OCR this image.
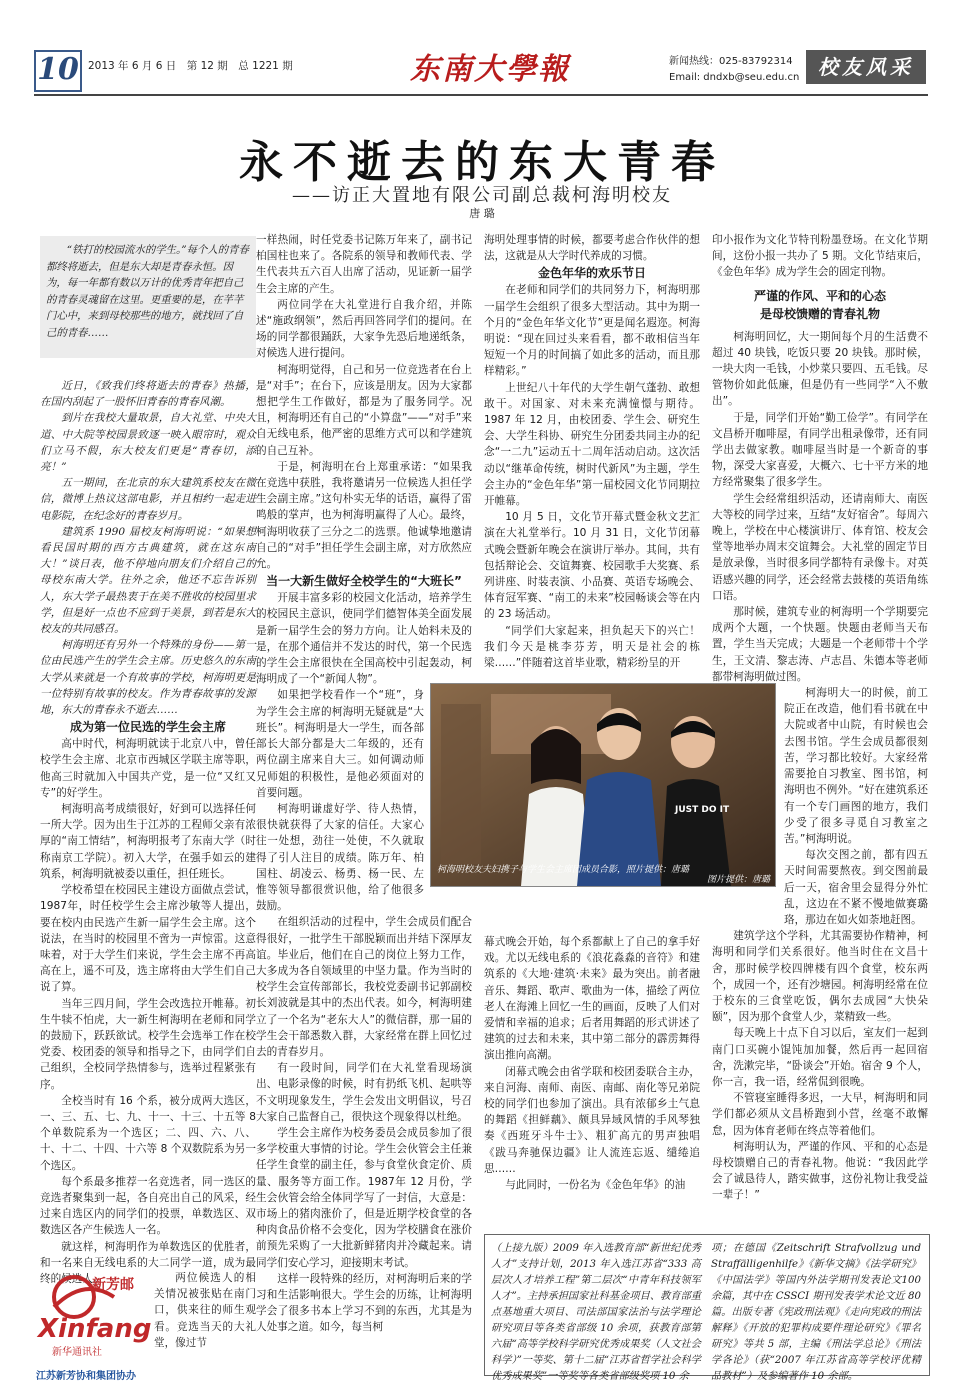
10 2013 年 6 月 6 日　第 12 期　总 1221 期	东南大學報	新闻热线：025-83792314
Email: dndxb@seu.edu.cn 校友风采
永不逝去的东大青春
——访正大置地有限公司副总裁柯海明校友
唐 璐
“铁打的校园流水的学生。”每个人的青春都终将逝去，但是东大却是青春永恒。因为，每一年都有数以万计的优秀青年把自己的青春灵魂留在这里。更重要的是，在芊芊门心中，来到母校那些的地方，就找回了自己的青春……

近日，《致我们终将逝去的青春》热播，在国内刮起了一股怀旧青春的青春风潮。

到片在我校大量取景，自大礼堂、中央大道、中大院等校园景致逐一映入眼帘时，观众们立马不假，东大校友们更是“青春切，添亮！”

五一期间，在北京的东大建筑系校友在微信，微博上热议这部电影，并且相约一起走进电影院，在纪念好的青春岁月。

建筑系 1990 届校友柯海明说：“如果想看民国时期的西方古典建筑，就在这东南大！”谈日表，他不停地向朋友们介绍自己的母校东南大学。往外之余，他还不忘告诉别人，东大学子最热衷于在美不胜收的校园里求学，但是好一点也不应到于美景，到若是东大校友的共同感召。

柯海明还有另外一个特殊的身份——第一位由民选产生的学生会主席。历史悠久的东南大学从来就是一个有故事的学校，柯海明更是一位特别有故事的校友。作为青春故事的发源地，东大的青春永不逝去……

成为第一位民选的学生会主席

高中时代，柯海明就读于北京八中，曾任校学生会主席、北京市西城区学联主席等职，他高三时就加入中国共产党，是一位“又红又专”的好学生。

柯海明高考成绩很好，好到可以选择任何一所大学。因为出生于江苏的工程师父亲有浓厚的“南工情结”，柯海明报考了东南大学（时称南京工学院）。初入大学，在强手如云的建筑系，柯海明就被委以重任，担任班长。

学校希望在校园民主建设方面做点尝试，1987年，时任校学生会主席沙敏等人提出，要在校内由民选产生新一届学生会主席。这个说法，在当时的校园里不啻为一声惊雷。这意味着，对于大学生们来说，学生会主席不再高高在上，遥不可及，选主席将由大学生们自己说了算。

当年三四月间，学生会改选拉开帷幕。初生牛犊不怕虎，大一新生柯海明在老师和同学的鼓励下，跃跃欲试。校学生会选举工作在校党委、校团委的领导和指导之下，由同学们自己组织，全校同学热情参与，选举过程紧张有序。

全校当时有 16 个系，被分成两大选区，一、三、五、七、九、十一、十三、十五等 8 个单数院系为一个选区；二、四、六、八、十、十二、十四、十六等 8 个双数院系为另一个选区。

每个系最多推荐一名竞选者，同一选区的竞选者聚集到一起，各自亮出自己的风采，经过来自选区内的同学们的投票，单数选区、双数选区各产生候选人一名。

就这样，柯海明作为单数选区的优胜者，和一名来自无线电系的大二同学一道，成为最终的候选人。	两位候选人的相关情况被张贴在南门口，供来往的师生观看。竞选当天的大礼堂，像过节

新芳邮
Xinfang
新华通讯社
江苏新芳协和集团协办

一样热闹，时任党委书记陈万年来了，副书记柏国柱也来了。各院系的领导和教师代表、学生代表共五六百人出席了活动，见证新一届学生会主席的产生。

两位同学在大礼堂进行自我介绍，并陈述“施政纲领”，然后再回答同学们的提问。在场的同学都很踊跃，大家争先恐后地递纸条，对候选人进行提问。

柯海明觉得，自己和另一位竞选者在台上是“对手”；在台下，应该是朋友。因为大家都想把学生工作做好，都是为了服务同学。况且，柯海明还有自己的“小算盘”——“对手”来自无线电系，他严密的思维方式可以和学建筑的自己互补。

于是，柯海明在台上郑重承诺：“如果我在竞选中获胜，我将邀请另一位候选人担任学生会副主席。”这句朴实无华的话语，赢得了雷鸣般的掌声，也为柯海明赢得了人心。最终，柯海明收获了三分之二的选票。他诚挚地邀请自己的“对手”担任学生会副主席，对方欣然应允。

当一大新生做好全校学生的“大班长”

开展丰富多彩的校园文化活动，培养学生的校园民主意识，使同学们德智体美全面发展是新一届学生会的努力方向。让人始料未及的是，在那个通信并不发达的时代，第一个民选的学生会主席很快在全国高校中引起轰动，柯海明成了一个“新闻人物”。

如果把学校看作一个“班”，身为学生会主席的柯海明无疑就是“大班长”。柯海明是大一学生，而各部部长大部分都是大二年级的，还有两位副主席来自大三。如何调动师兄师姐的积极性，是他必须面对的首要问题。

柯海明谦虚好学、待人热情，很快就获得了大家的信任。大家心往一处想，劲往一处使，不久就取得了引人注目的成绩。陈万年、柏国柱、胡凌云、杨勇、杨一民、左惟等领导都很赏识他，给了他很多鼓励。

在组织活动的过程中，学生会成员们配合得很好，一批学生干部脱颖而出并结下深厚友谊。毕业后，他们在自己的岗位上努力工作，大多成为各自领域里的中坚力量。作为当时的校学生会宣传部部长，我校党委副书记郭副校长刘波就是其中的杰出代表。如今，柯海明建立了一个名为“老东大人”的微信群，那一届的学生会干部悉数入群，大家经常在群上回忆过去的青春岁月。

有一段时间，同学们在大礼堂看现场演出、电影录像的时候，时有扔纸飞机、起哄等不文明现象发生，学生会发出文明倡议，号召大家自己监督自己，很快这个现象得以杜绝。

学生会主席作为校务委员会成员参加了很多学校重大事情的讨论。学生会伙管会主任兼任学生食堂的副主任，参与食堂伙食定价、质量、服务等方面工作。1987年 12 月份，学生会伙管会给全体同学写了一封信，大意是：市场上的猪肉涨价了，但是近期学校食堂的各种肉食品价格不会变化，因为学校膳食在涨价前预先采购了一大批新鲜猪肉并冷藏起来。请同学们安心学习，迎接期末考试。

这样一段特殊的经历，对柯海明后来的学习和生活影响很大。学生会的历练，让柯海明学会了很多书本上学习不到的东西，尤其是为人处事之道。如今，每当柯

海明处理事情的时候，都要考虑合作伙伴的想法，这就是从大学时代养成的习惯。

金色年华的欢乐节日

在老师和同学们的共同努力下，柯海明那一届学生会组织了很多大型活动。其中为期一个月的“金色年华文化节”更是闻名遐迩。柯海明说：“现在回过头来看看，都不敢相信当年短短一个月的时间搞了如此多的活动，而且那样精彩。”

上世纪八十年代的大学生朝气蓬勃、敢想敢干。对国家、对未来充满憧憬与期待。1987 年 12 月，由校团委、学生会、研究生会、大学生科协、研究生分团委共同主办的纪念“一二九”运动五十二周年活动启动。这次活动以“继革命传统，树时代新风”为主题，学生会主办的“金色年华”第一届校园文化节同期拉开帷幕。

10 月 5 日，文化节开幕式暨金秋文艺汇演在大礼堂举行。10 月 31 日，文化节闭幕式晚会暨新年晚会在演讲厅举办。其间，共有包括辩论会、交谊舞赛、校园歌手大奖赛、系列讲座、时装表演、小品赛、英语专场晚会、体育冠军赛、“南工的未来”校园畅谈会等在内的 23 场活动。

“同学们大家起来，担负起天下的兴亡！我们今天是桃李芬芳，明天是社会的栋梁……”伴随着这首毕业歌，精彩纷呈的开

幕式晚会开始，每个系都献上了自己的拿手好戏。尤以无线电系的《浪花淼淼的音符》和建筑系的《大地·建筑·未来》最为突出。前者融音乐、舞蹈、歌声、歌曲为一体，描绘了两位老人在海滩上回忆一生的画面，反映了人们对爱情和幸福的追求；后者用舞蹈的形式讲述了建筑的过去和未来，其中第二部分的霹雳舞得演出推向高潮。

闭幕式晚会由省学联和校团委联合主办，来自河海、南师、南医、南邮、南化等兄弟院校的同学们也参加了演出。具有浓郁乡土气息的舞蹈《担鲜藕》、颇具异域风情的手风琴独奏《西班牙斗牛士》、粗犷高亢的男声独唱《跋马奔驰保边疆》让人流连忘返、缱绻追思……

与此同时，一份名为《金色年华》的油

印小报作为文化节特刊粉墨登场。在文化节期间，这份小报一共办了 5 期。文化节结束后，《金色年华》成为学生会的固定刊物。

严谨的作风、平和的心态
是母校馈赠的青春礼物

柯海明回忆，大一期间每个月的生活费不超过 40 块钱，吃饭只要 20 块钱。那时候，一块大肉一毛钱，小炒菜只要四、五毛钱。尽管物价如此低廉，但是仍有一些同学“入不敷出”。

于是，同学们开始“勤工俭学”。有同学在文昌桥开咖啡屋，有同学出租录像带，还有同学出去做家教。咖啡屋当时是一个新奇的事物，深受大家喜爱，大概六、七十平方米的地方经常聚集了很多学生。

学生会经常组织活动，还请南师大、南医大等校的同学过来，互结“友好宿舍”。每周六晚上，学校在中心楼演讲厅、体育馆、校友会堂等地举办周末交谊舞会。大礼堂的固定节目是放录像，当时很多同学都特有录像卡。对英语感兴趣的同学，还会经常去鼓楼的英语角练口语。

那时候，建筑专业的柯海明一个学期要完成两个大题，一个快题。快题由老师当天布置，学生当天完成；大题是一个老师带十个学生，王文清、黎志涛、卢志昌、朱德本等老师都带柯海明做过图。

柯海明大一的时候，前工院正在改造，他们看书就在中大院或者中山院，有时候也会去图书馆。学生会成员都很刻苦，学习都比较好。大家经常需要抢自习教室、图书馆，柯海明也不例外。“好在建筑系还有一个专门画图的地方，我们少受了很多寻觅自习教室之苦。”柯海明说。

每次交图之前，都有四五天时间需要熬夜。到交图前最后一天，宿舍里会显得分外忙乱，这边在不紧不慢地做赛璐珞，那边在如火如荼地赶图。

建筑学这个学科，尤其需要协作精神，柯海明和同学们关系很好。他当时住在文昌十舍，那时候学校四牌楼有四个食堂，校东两个，成园一个，还有沙塘园。柯海明经常在位于校东的三食堂吃饭，偶尔去成园“大快朵颐”，因为那个食堂人少，菜精致一些。

每天晚上十点下自习以后，室友们一起到南门口买碗小馄饨加加餐，然后再一起回宿舍，洗漱完毕，“卧谈会”开始。宿舍 9 个人，你一言，我一语，经常侃到很晚。

不管寝室睡得多迟，一大早，柯海明和同学们都必须从文昌桥跑到小营，丝毫不敢懈怠，因为体育老师在终点等着他们。

柯海明认为，严谨的作风、平和的心态是母校馈赠自己的青春礼物。他说：“我因此学会了诚恳待人，踏实做事，这份礼物让我受益一辈子！”

JUST DO IT
柯海明校友夫妇携子与学生会主席团成员合影，照片提供：唐璐
图片提供：唐璐
（上接九版）2009 年入选教育部“新世纪优秀人才”支持计划，2013 年入选江苏省“333 高层次人才培养工程”第二层次“中青年科技领军人才”。主持承担国家社科基金项目、教育部重点基地重大项目、司法部国家法治与法学理论研究项目等各类省部级 10 余项，获教育部第六届“高等学校科学研究优秀成果奖（人文社会科学）”一等奖、第十二届“江苏省哲学社会科学优秀成果奖”一等奖等各类省部级奖项 10 余
项；在德国《Zeitschrift Strafvollzug und Straffälligenhilfe》《新华文摘》《法学研究》《中国法学》等国内外法学期刊发表论文100 余篇，其中在 CSSCI 期刊发表学术论文近 80 篇。出版专著《宪政刑法观》《走向宪政的刑法解释》《开放的犯罪构成要件理论研究》《罪名研究》等共 5 部，主编《刑法学总论》《刑法学各论》（获“2007 年江苏省高等学校评优精品教材”）及参编著作 10 余部。
